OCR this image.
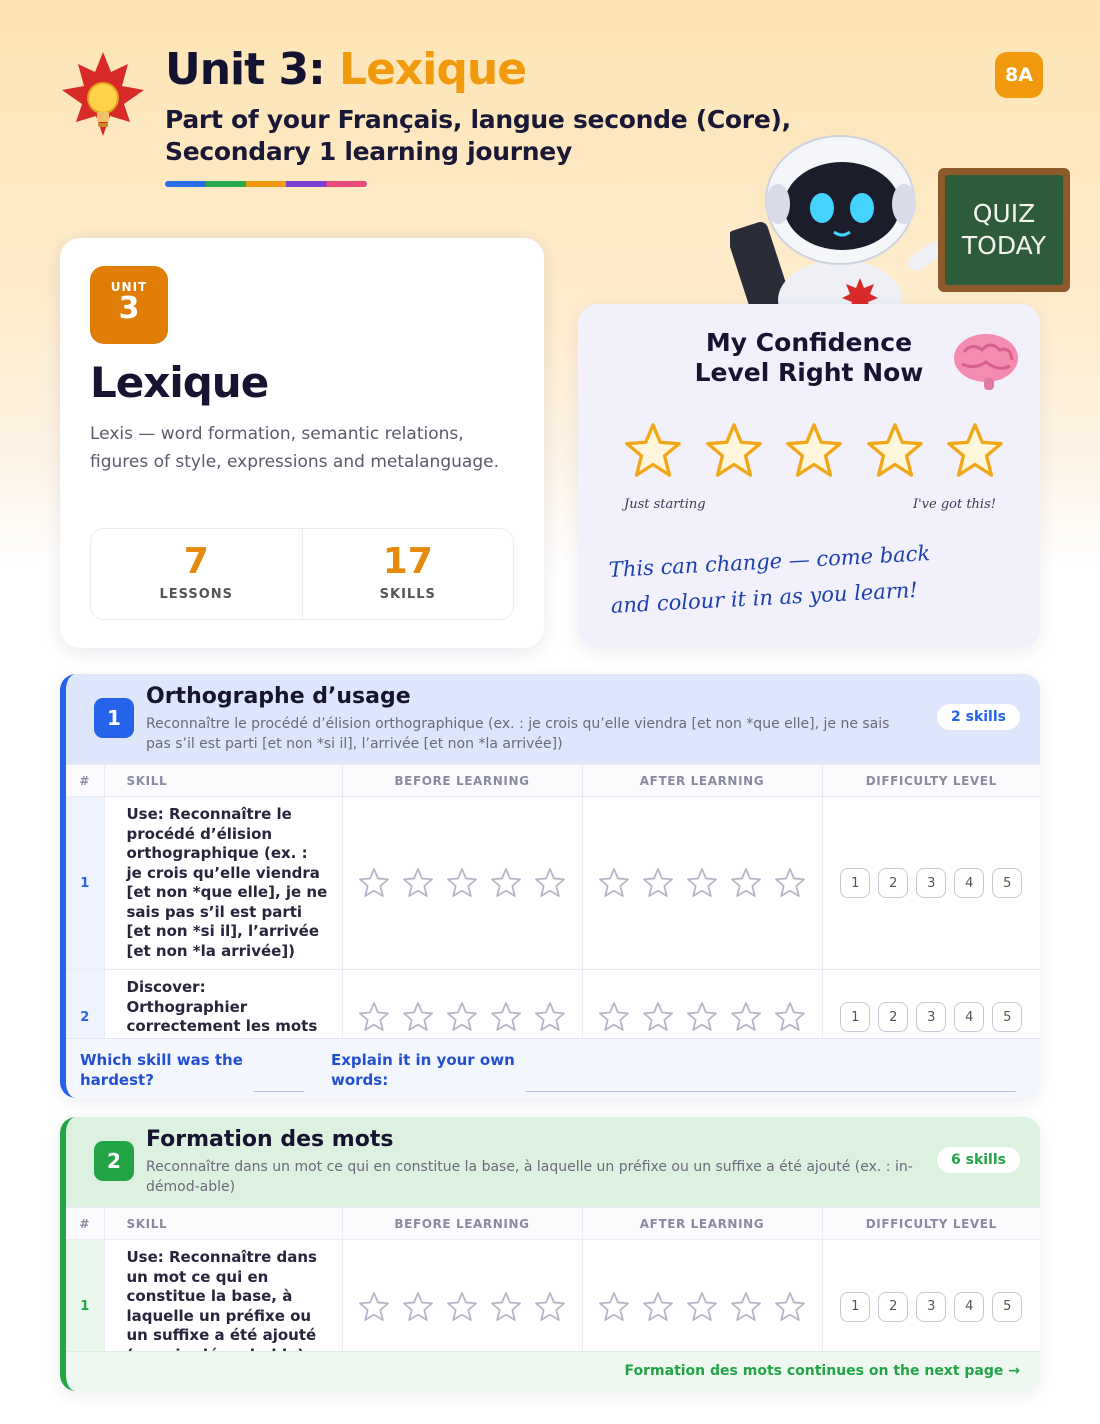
Unit 3: Lexique
Part of your Français, langue seconde (Core), Secondary 1 learning journey
8A
QUIZ
TODAY
UNIT
3
Lexique
Lexis — word formation, semantic relations, figures of style, expressions and metalanguage.
7
LESSONS
17
SKILLS
My Confidence
Level Right Now
Just starting	I've got this!
This can change — come back and colour it in as you learn!
1
Orthographe d’usage
Reconnaître le procédé d’élision orthographique (ex. : je crois qu’elle viendra [et non *que elle], je ne sais pas s’il est parti [et non *si il], l’arrivée [et non *la arrivée])
2 skills
#	SKILL	BEFORE LEARNING	AFTER LEARNING	DIFFICULTY LEVEL
1	Use: Reconnaître le procédé d’élision orthographique (ex. : je crois qu’elle viendra [et non *que elle], je ne sais pas s’il est parti [et non *si il], l’arrivée [et non *la arrivée])			1 2 3 4 5

2	Discover: Orthographier correctement les mots			1 2 3 4 5
Which skill was the hardest?
Explain it in your own words:
2
Formation des mots
Reconnaître dans un mot ce qui en constitue la base, à laquelle un préfixe ou un suffixe a été ajouté (ex. : in-démod-able)
6 skills
#	SKILL	BEFORE LEARNING	AFTER LEARNING	DIFFICULTY LEVEL
1	Use: Reconnaître dans un mot ce qui en constitue la base, à laquelle un préfixe ou un suffixe a été ajouté			1 2 3 4 5
Formation des mots continues on the next page →
